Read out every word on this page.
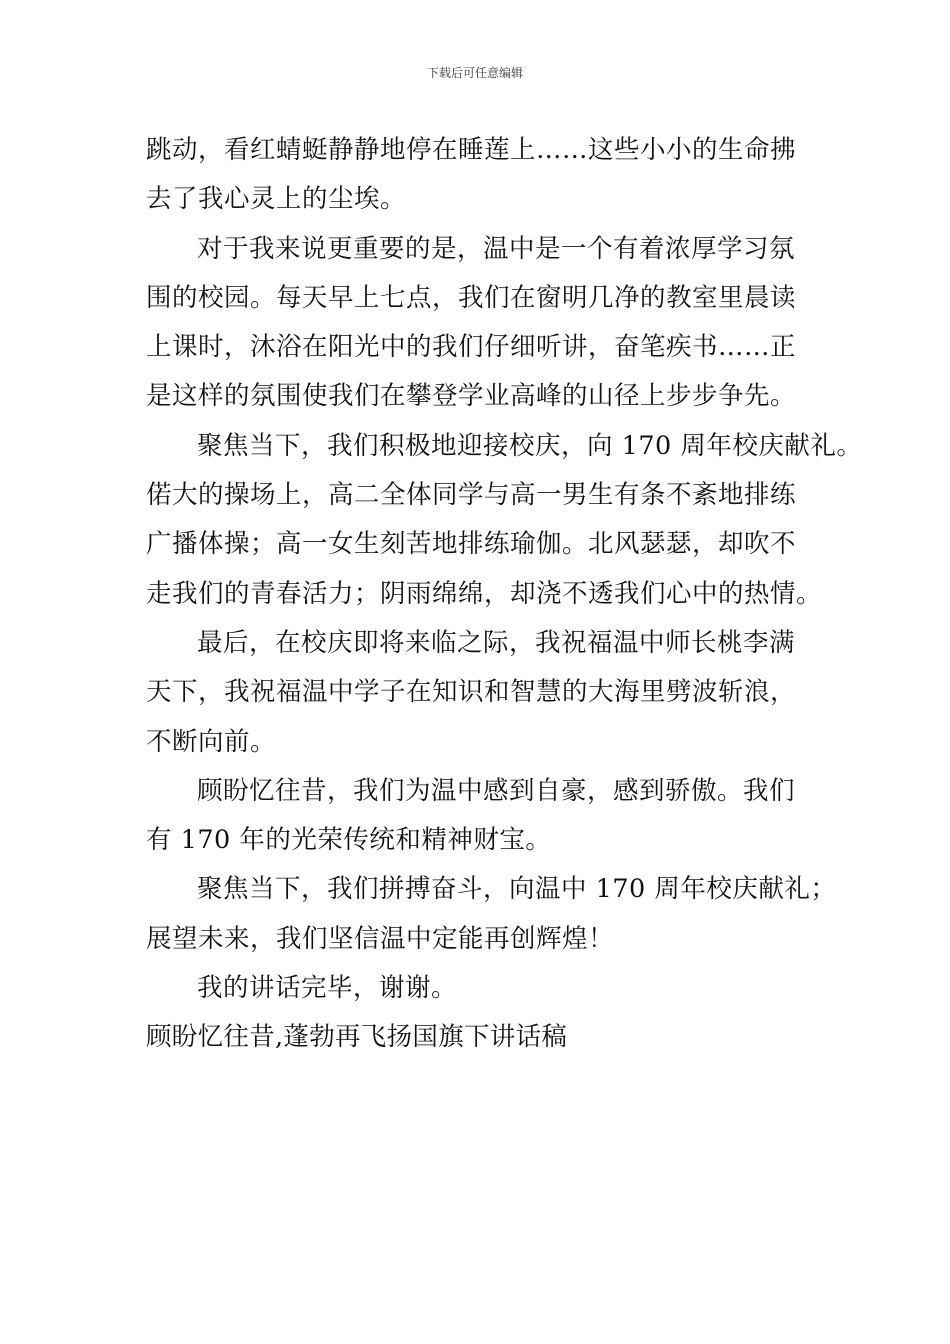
下载后可任意编辑
跳动，看红蜻蜓静静地停在睡莲上……这些小小的生命拂
去了我心灵上的尘埃。
对于我来说更重要的是，温中是一个有着浓厚学习氛
围的校园。每天早上七点，我们在窗明几净的教室里晨读
上课时，沐浴在阳光中的我们仔细听讲，奋笔疾书……正
是这样的氛围使我们在攀登学业高峰的山径上步步争先。
聚焦当下，我们积极地迎接校庆，向 170 周年校庆献礼。
偌大的操场上，高二全体同学与高一男生有条不紊地排练
广播体操；高一女生刻苦地排练瑜伽。北风瑟瑟，却吹不
走我们的青春活力；阴雨绵绵，却浇不透我们心中的热情。
最后，在校庆即将来临之际，我祝福温中师长桃李满
天下，我祝福温中学子在知识和智慧的大海里劈波斩浪，
不断向前。
顾盼忆往昔，我们为温中感到自豪，感到骄傲。我们
有 170 年的光荣传统和精神财宝。
聚焦当下，我们拼搏奋斗，向温中 170 周年校庆献礼；
展望未来，我们坚信温中定能再创辉煌！
我的讲话完毕，谢谢。
顾盼忆往昔,蓬勃再飞扬国旗下讲话稿
